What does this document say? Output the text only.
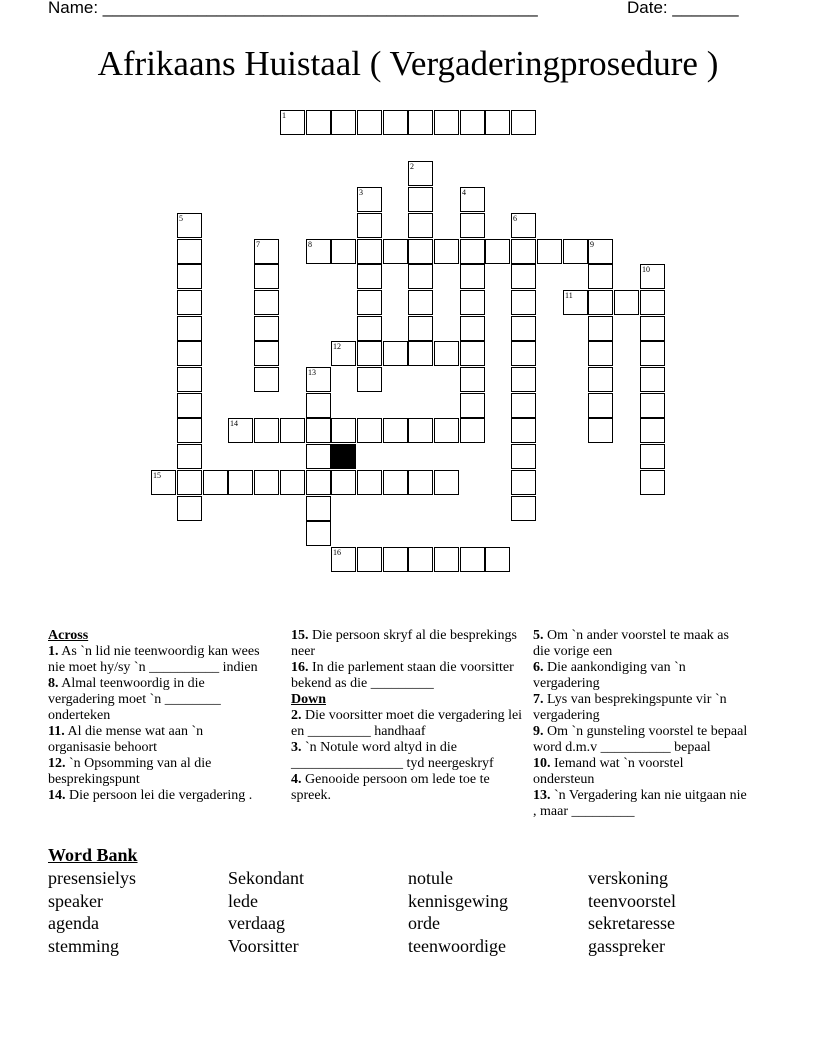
Name: ______________________________________________	Date: _______
Afrikaans Huistaal ( Vergaderingprosedure )
1
8	9
11
12
14
15
16
2
3	4
5	6
7
10
13
Across
1. As `n lid nie teenwoordig kan wees nie moet hy/sy `n __________ indien
8. Almal teenwoordig in die vergadering moet `n ________ onderteken
11. Al die mense wat aan `n organisasie behoort
12. `n Opsomming van al die besprekingspunt
14. Die persoon lei die vergadering .
15. Die persoon skryf al die besprekings neer
16. In die parlement staan die voorsitter bekend as die _________
Down
2. Die voorsitter moet die vergadering lei en _________ handhaaf
3. `n Notule word altyd in die ________________ tyd neergeskryf
4. Genooide persoon om lede toe te spreek.
5. Om `n ander voorstel te maak as die vorige een
6. Die aankondiging van `n vergadering
7. Lys van besprekingspunte vir `n vergadering
9. Om `n gunsteling voorstel te bepaal word d.m.v __________ bepaal
10. Iemand wat `n voorstel ondersteun
13. `n Vergadering kan nie uitgaan nie , maar _________
Word Bank
presensielys	Sekondant	notule	verskoning
speaker	lede	kennisgewing	teenvoorstel
agenda	verdaag	orde	sekretaresse
stemming	Voorsitter	teenwoordige	gasspreker
